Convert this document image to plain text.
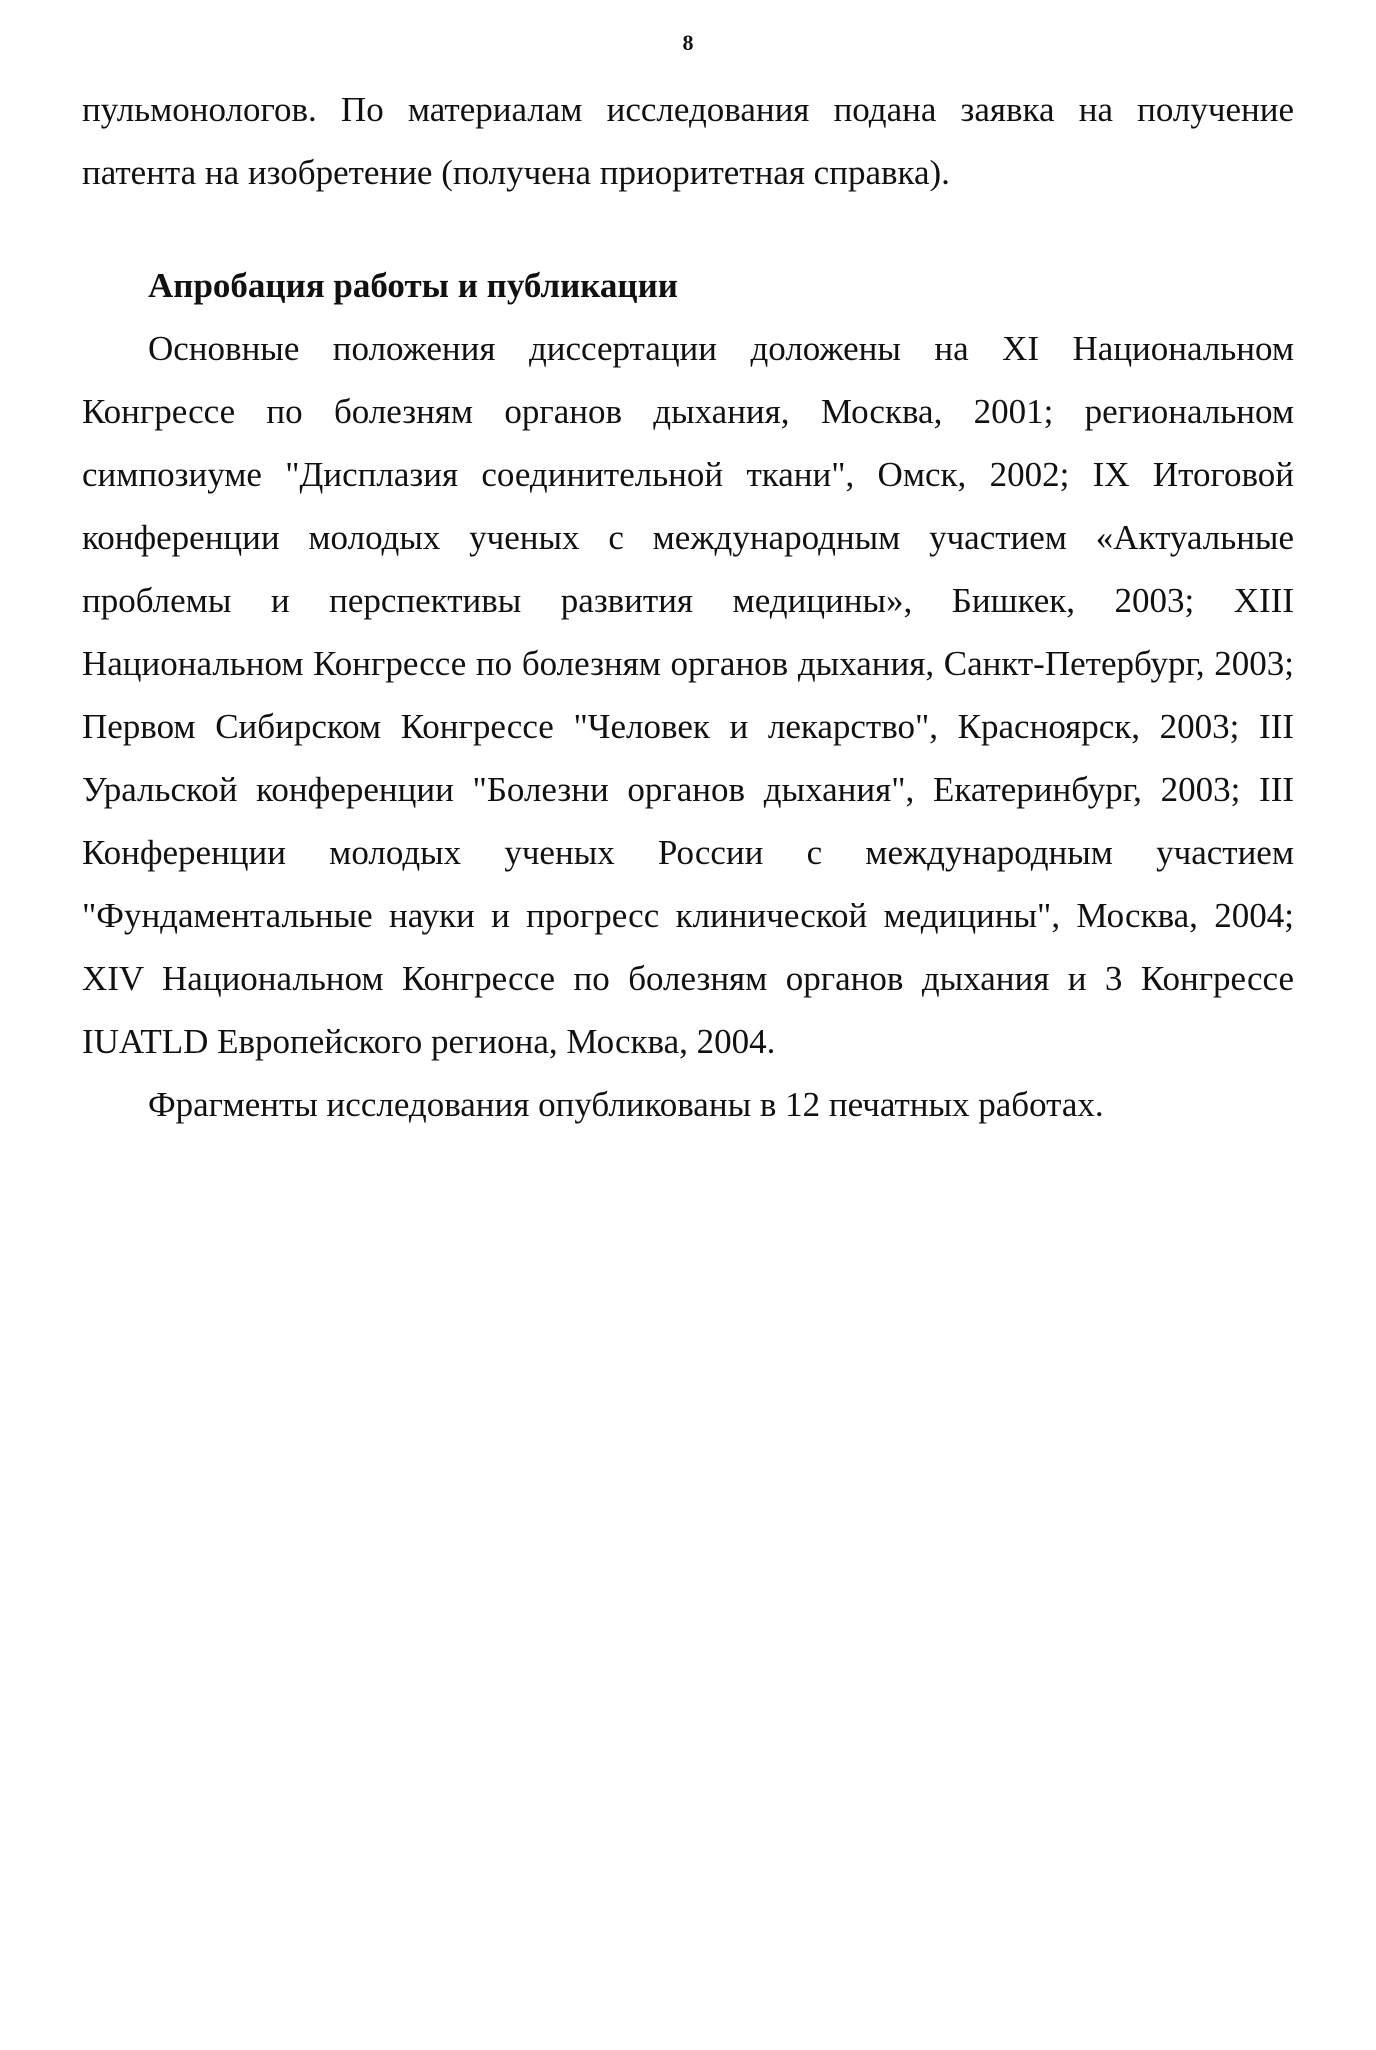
8

пульмонологов. По материалам исследования подана заявка на получение патента на изобретение (получена приоритетная справка).

Апробация работы и публикации

Основные положения диссертации доложены на XI Национальном Конгрессе по болезням органов дыхания, Москва, 2001; региональном симпозиуме "Дисплазия соединительной ткани", Омск, 2002; IX Итоговой конференции молодых ученых с международным участием «Актуальные проблемы и перспективы развития медицины», Бишкек, 2003; XIII Национальном Конгрессе по болезням органов дыхания, Санкт-Петербург, 2003; Первом Сибирском Конгрессе "Человек и лекарство", Красноярск, 2003; III Уральской конференции "Болезни органов дыхания", Екатеринбург, 2003; III Конференции молодых ученых России с международным участием "Фундаментальные науки и прогресс клинической медицины", Москва, 2004; XIV Национальном Конгрессе по болезням органов дыхания и 3 Конгрессе IUATLD Европейского региона, Москва, 2004.

Фрагменты исследования опубликованы в 12 печатных работах.
